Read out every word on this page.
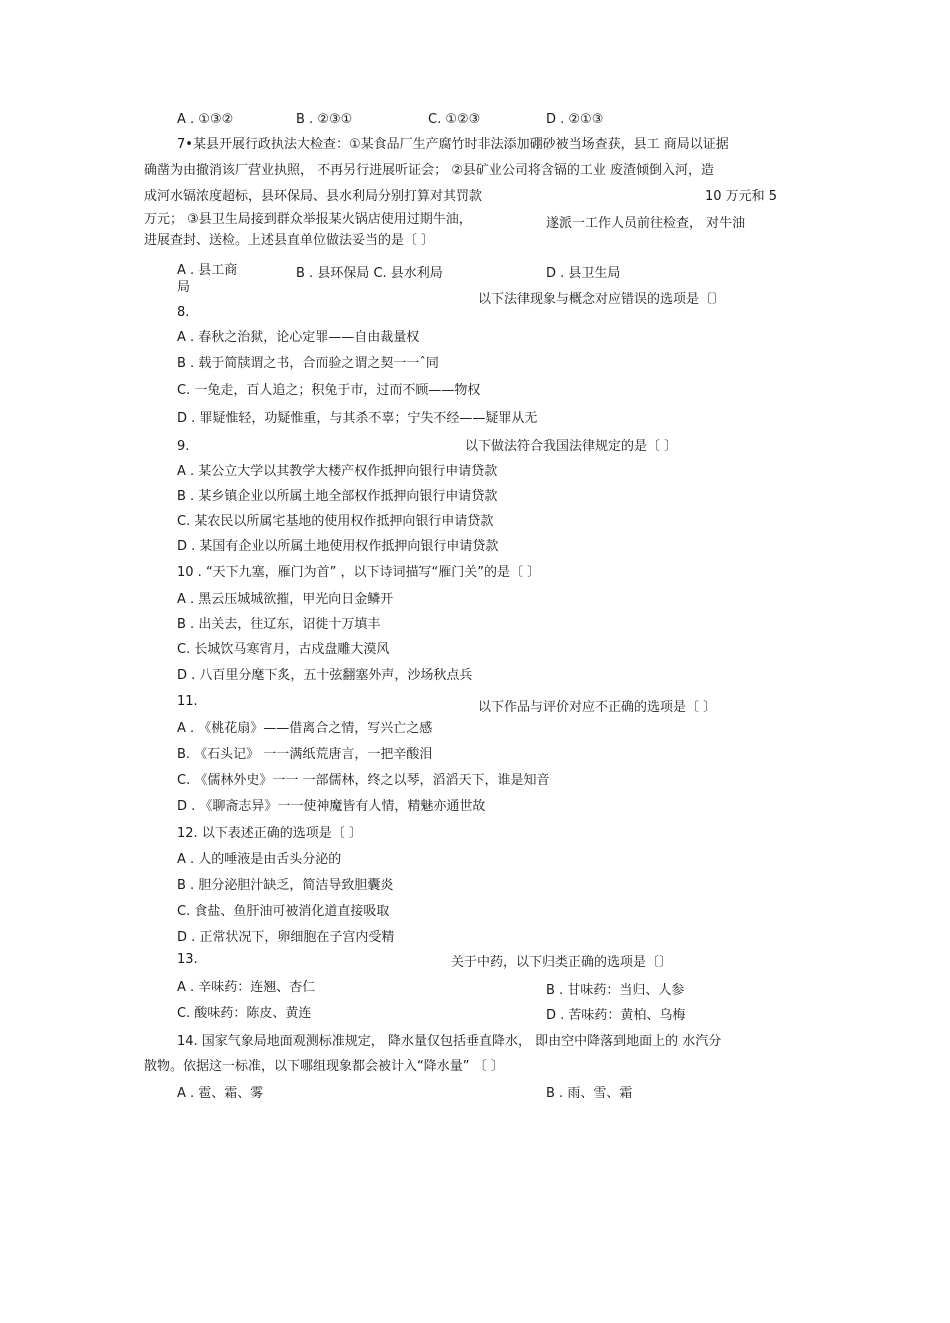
A . ①③②	B . ②③①	C. ①②③	D . ②①③
7•某县开展行政执法大检查：①某食品厂生产腐竹时非法添加硼砂被当场查获，县工 商局以证据
确凿为由撤消该厂营业执照， 不再另行进展听证会； ②县矿业公司将含镉的工业 废渣倾倒入河，造
成河水镉浓度超标，县环保局、县水利局分别打算对其罚款	10 万元和 5
万元； ③县卫生局接到群众举报某火锅店使用过期牛油，	遂派一工作人员前往检查， 对牛油
进展查封、送检。上述县直单位做法妥当的是〔 〕
A . 县工商
局
B . 县环保局 C. 县水利局	D . 县卫生局
以下法律现象与概念对应错误的选项是〔〕
8.
A . 春秋之治狱，论心定罪——自由裁量权
B . 载于简牍谓之书，合而验之谓之契一一ˆ同
C. 一兔走，百人追之；积兔于市，过而不顾——物权
D . 罪疑惟轻，功疑惟重，与其杀不辜；宁失不经——疑罪从无
9.	以下做法符合我国法律规定的是〔 〕
A . 某公立大学以其教学大楼产权作抵押向银行申请贷款
B . 某乡镇企业以所属土地全部权作抵押向银行申请贷款
C. 某农民以所属宅基地的使用权作抵押向银行申请贷款
D . 某国有企业以所属土地使用权作抵押向银行申请贷款
10 . “天下九塞，雁门为首” ，以下诗词描写“雁门关”的是〔 〕
A . 黑云压城城欲摧，甲光向日金鳞开
B . 出关去，往辽东，诏徙十万填丰
C. 长城饮马寒宵月，古戍盘雕大漠风
D . 八百里分麾下炙，五十弦翻塞外声，沙场秋点兵
11.	以下作品与评价对应不正确的选项是〔 〕
A . 《桃花扇》——借离合之情，写兴亡之感
B. 《石头记》 一一满纸荒唐言，一把辛酸泪
C. 《儒林外史》一一 一部儒林，终之以琴，滔滔天下，谁是知音
D . 《聊斋志异》一一使神魔皆有人情，精魅亦通世故
12. 以下表述正确的选项是〔 〕
A . 人的唾液是由舌头分泌的
B . 胆分泌胆汁缺乏，简洁导致胆囊炎
C. 食盐、鱼肝油可被消化道直接吸取
D . 正常状况下，卵细胞在子宫内受精
13.	关于中药，以下归类正确的选项是〔〕
A . 辛味药：连翘、杏仁	B . 甘味药：当归、人参
C. 酸味药：陈皮、黄连	D . 苦味药：黄柏、乌梅
14. 国家气象局地面观测标准规定， 降水量仅包括垂直降水， 即由空中降落到地面上的 水汽分
散物。依据这一标准，以下哪组现象都会被计入“降水量” 〔 〕
A . 雹、霜、雾	B . 雨、雪、霜
